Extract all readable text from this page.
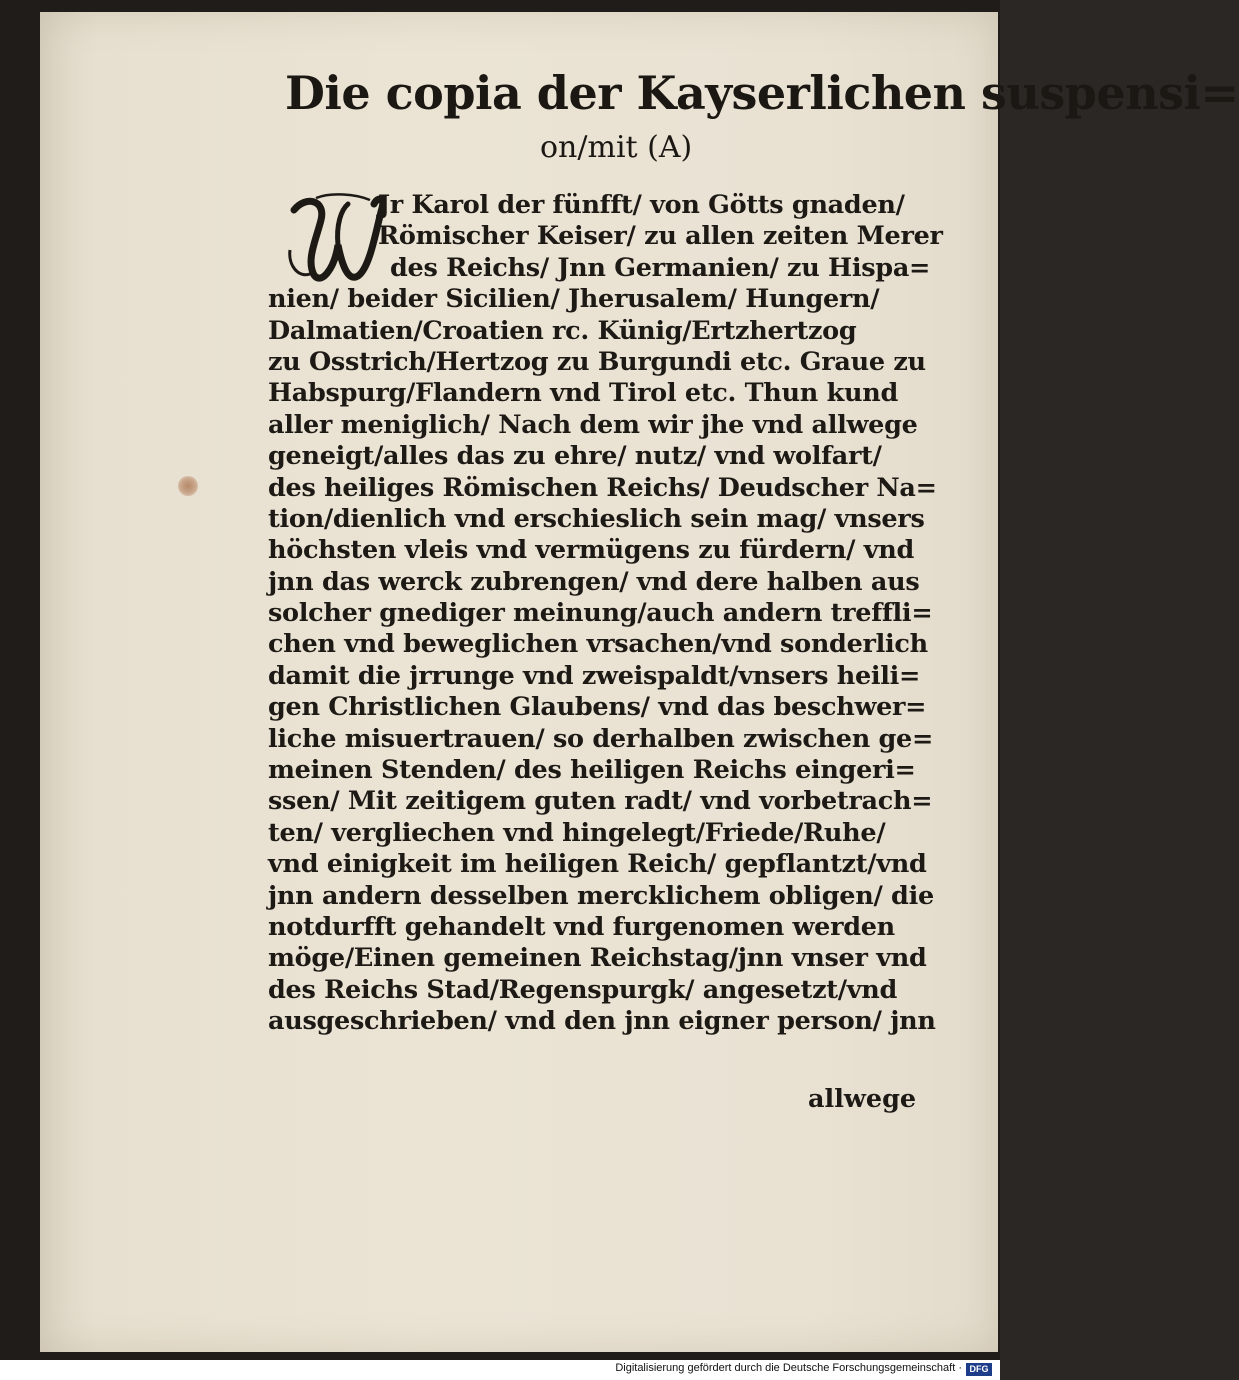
Die copia der Kayserlichen suspensi=
on/mit (A)
W
Jr Karol der fünfft/ von Götts gnaden/
Römischer Keiser/ zu allen zeiten Merer
des Reichs/ Jnn Germanien/ zu Hispa=
nien/ beider Sicilien/ Jherusalem/ Hungern/
Dalmatien/Croatien rc. Künig/Ertzhertzog
zu Osstrich/Hertzog zu Burgundi etc. Graue zu
Habspurg/Flandern vnd Tirol etc. Thun kund
aller meniglich/ Nach dem wir jhe vnd allwege
geneigt/alles das zu ehre/ nutz/ vnd wolfart/
des heiliges Römischen Reichs/ Deudscher Na=
tion/dienlich vnd erschieslich sein mag/ vnsers
höchsten vleis vnd vermügens zu fürdern/ vnd
jnn das werck zubrengen/ vnd dere halben aus
solcher gnediger meinung/auch andern treffli=
chen vnd beweglichen vrsachen/vnd sonderlich
damit die jrrunge vnd zweispaldt/vnsers heili=
gen Christlichen Glaubens/ vnd das beschwer=
liche misuertrauen/ so derhalben zwischen ge=
meinen Stenden/ des heiligen Reichs eingeri=
ssen/ Mit zeitigem guten radt/ vnd vorbetrach=
ten/ vergliechen vnd hingelegt/Friede/Ruhe/
vnd einigkeit im heiligen Reich/ gepflantzt/vnd
jnn andern desselben mercklichem obligen/ die
notdurfft gehandelt vnd furgenomen werden
möge/Einen gemeinen Reichstag/jnn vnser vnd
des Reichs Stad/Regenspurgk/ angesetzt/vnd
ausgeschrieben/ vnd den jnn eigner person/ jnn
allwege
Digitalisierung gefördert durch die Deutsche Forschungsgemeinschaft · DFG
